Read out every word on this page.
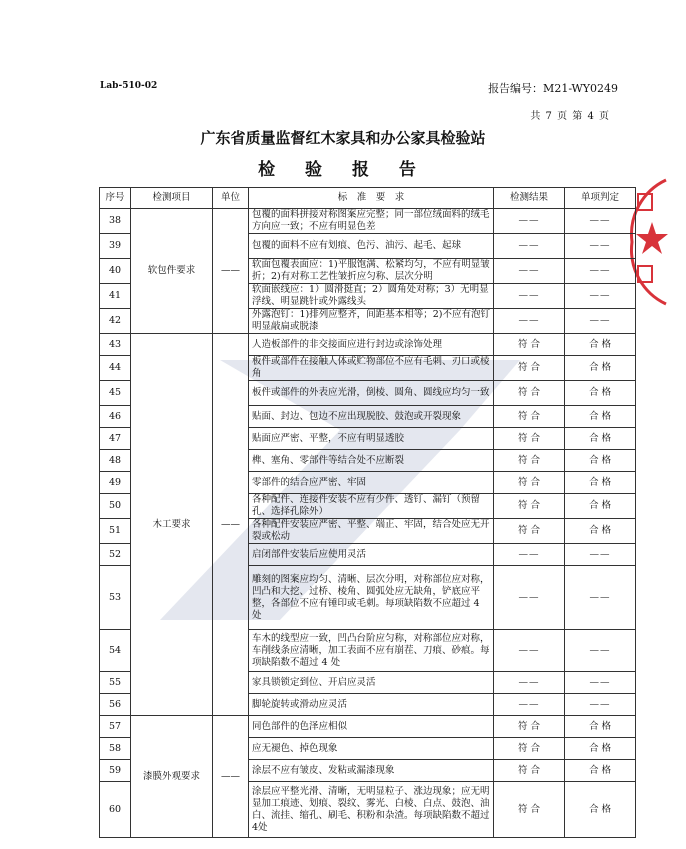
Lab-510-02	报告编号：M21-WY0249
共 7 页 第 4 页
广东省质量监督红木家具和办公家具检验站
检 验 报 告
序号	检测项目	单位	标　准　要　求	检测结果	单项判定
38	软包件要求	——	包覆的面料拼接对称图案应完整；同一部位绒面料的绒毛方向应一致；不应有明显色差	——	——
39			包覆的面料不应有划痕、色污、油污、起毛、起球	——	——
40			软面包覆表面应：1)平服饱满、松紧均匀，不应有明显皱折；2)有对称工艺性皱折应匀称、层次分明	——	——
41			软面嵌线应：1）圆滑挺直；2）圆角处对称；3）无明显浮线、明显跳针或外露线头	——	——
42			外露泡钉：1)排列应整齐，间距基本相等；2)不应有泡钉明显敲扁或脱漆	——	——
43	木工要求	——	人造板部件的非交接面应进行封边或涂饰处理	符 合	合 格
44			板件或部件在接触人体或贮物部位不应有毛刺、刃口或棱角	符 合	合 格
45			板件或部件的外表应光滑，倒棱、圆角、圆线应均匀一致	符 合	合 格
46			贴面、封边、包边不应出现脱胶、鼓泡或开裂现象	符 合	合 格
47			贴面应严密、平整，不应有明显透胶	符 合	合 格
48			榫、塞角、零部件等结合处不应断裂	符 合	合 格
49			零部件的结合应严密、牢固	符 合	合 格
50			各种配件、连接件安装不应有少件、透钉、漏钉（预留孔、选择孔除外）	符 合	合 格
51			各种配件安装应严密、平整、端正、牢固，结合处应无开裂或松动	符 合	合 格
52			启闭部件安装后应使用灵活	——	——
53			雕刻的图案应均匀、清晰、层次分明，对称部位应对称，凹凸和大挖、过桥、棱角、圆弧处应无缺角，铲底应平整，各部位不应有锤印或毛刺。每项缺陷数不应超过 4 处	——	——
54			车木的线型应一致，凹凸台阶应匀称，对称部位应对称，车削线条应清晰，加工表面不应有崩茬、刀痕、砂痕。每项缺陷数不超过 4 处	——	——
55			家具锁锁定到位、开启应灵活	——	——
56			脚轮旋转或滑动应灵活	——	——
57	漆膜外观要求	——	同色部件的色泽应相似	符 合	合 格
58			应无褪色、掉色现象	符 合	合 格
59			涂层不应有皱皮、发粘或漏漆现象	符 合	合 格
60			涂层应平整光滑、清晰，无明显粒子、涨边现象；应无明显加工痕迹、划痕、裂纹、雾光、白棱、白点、鼓泡、油白、流挂、缩孔、刷毛、积粉和杂渣。每项缺陷数不超过4处	符 合	合 格
